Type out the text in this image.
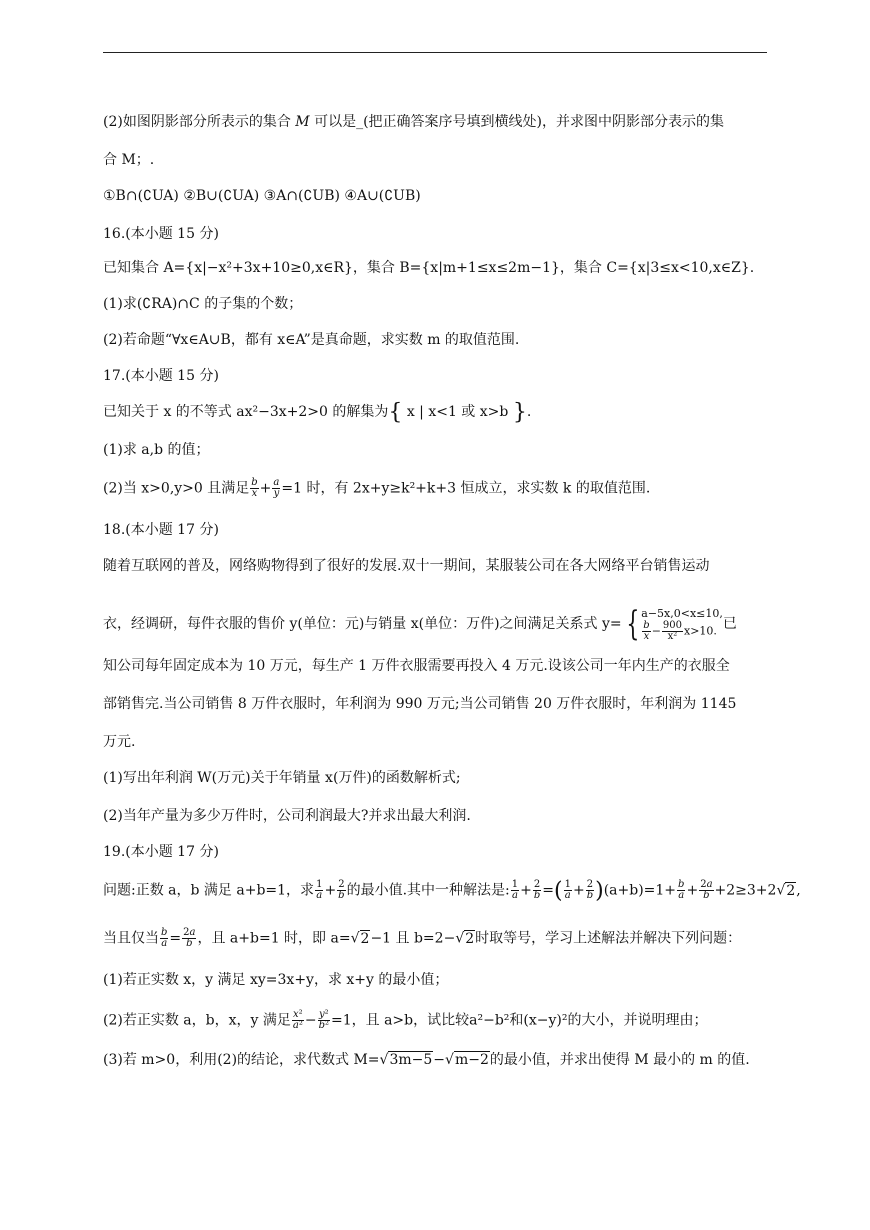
(2)如图阴影部分所表示的集合 M 可以是_(把正确答案序号填到横线处)，并求图中阴影部分表示的集
合 M；.
①B∩(∁UA) ②B∪(∁UA) ③A∩(∁UB) ④A∪(∁UB)
16.(本小题 15 分)
已知集合 A={x|−x²+3x+10≥0,x∈R}，集合 B={x|m+1≤x≤2m−1}，集合 C={x|3≤x<10,x∈Z}.
(1)求(∁RA)∩C 的子集的个数；
(2)若命题“∀x∈A∪B，都有 x∈A”是真命题，求实数 m 的取值范围.
17.(本小题 15 分)
已知关于 x 的不等式 ax²−3x+2>0 的解集为{ x | x<1 或 x>b }.
(1)求 a,b 的值；
(2)当 x>0,y>0 且满足 $\frac{b}{x} + \frac{a}{y} =1$ 时，有 2x+y≥k²+k+3 恒成立，求实数 k 的取值范围.
18.(本小题 17 分)
随着互联网的普及，网络购物得到了很好的发展.双十一期间，某服装公司在各大网络平台销售运动
衣，经调研，每件衣服的售价 y(单位：元)与销量 x(单位：万件)之间满足关系式 y= { a−5x,0<x≤10,
$\frac{b}{x} - \frac{900}{\text{x²}} x>10$. 已
知公司每年固定成本为 10 万元，每生产 1 万件衣服需要再投入 4 万元.设该公司一年内生产的衣服全
部销售完.当公司销售 8 万件衣服时，年利润为 990 万元;当公司销售 20 万件衣服时，年利润为 1145
万元.
(1)写出年利润 W(万元)关于年销量 x(万件)的函数解析式;
(2)当年产量为多少万件时，公司利润最大?并求出最大利润.
19.(本小题 17 分)
问题:正数 a，b 满足 a+b=1，求 $\frac{1}{a} + \frac{2}{b}$ 的最小值.其中一种解法是: $\frac{1}{a} + \frac{2}{b}$ =( $\frac{1}{a} + \frac{2}{b} )(a+b)=1+ \frac{b}{a} + \frac{2a}{b} +2\ge 3+2√2$,
当且仅当 $\frac{b}{a} = \frac{2a}{b}$ ，且 a+b=1 时，即 a=√2−1 且 b=2−√2时取等号，学习上述解法并解决下列问题：
(1)若正实数 x，y 满足 xy=3x+y，求 x+y 的最小值；
(2)若正实数 a，b，x，y 满足 $\frac{\text{x²}}{\text{a²}} - \frac{\text{y²}}{\text{b²}} =1$，且 a>b，试比较a²−b²和(x−y)²的大小，并说明理由；
(3)若 m>0，利用(2)的结论，求代数式 M=√3m−5−√m−2的最小值，并求出使得 M 最小的 m 的值.
